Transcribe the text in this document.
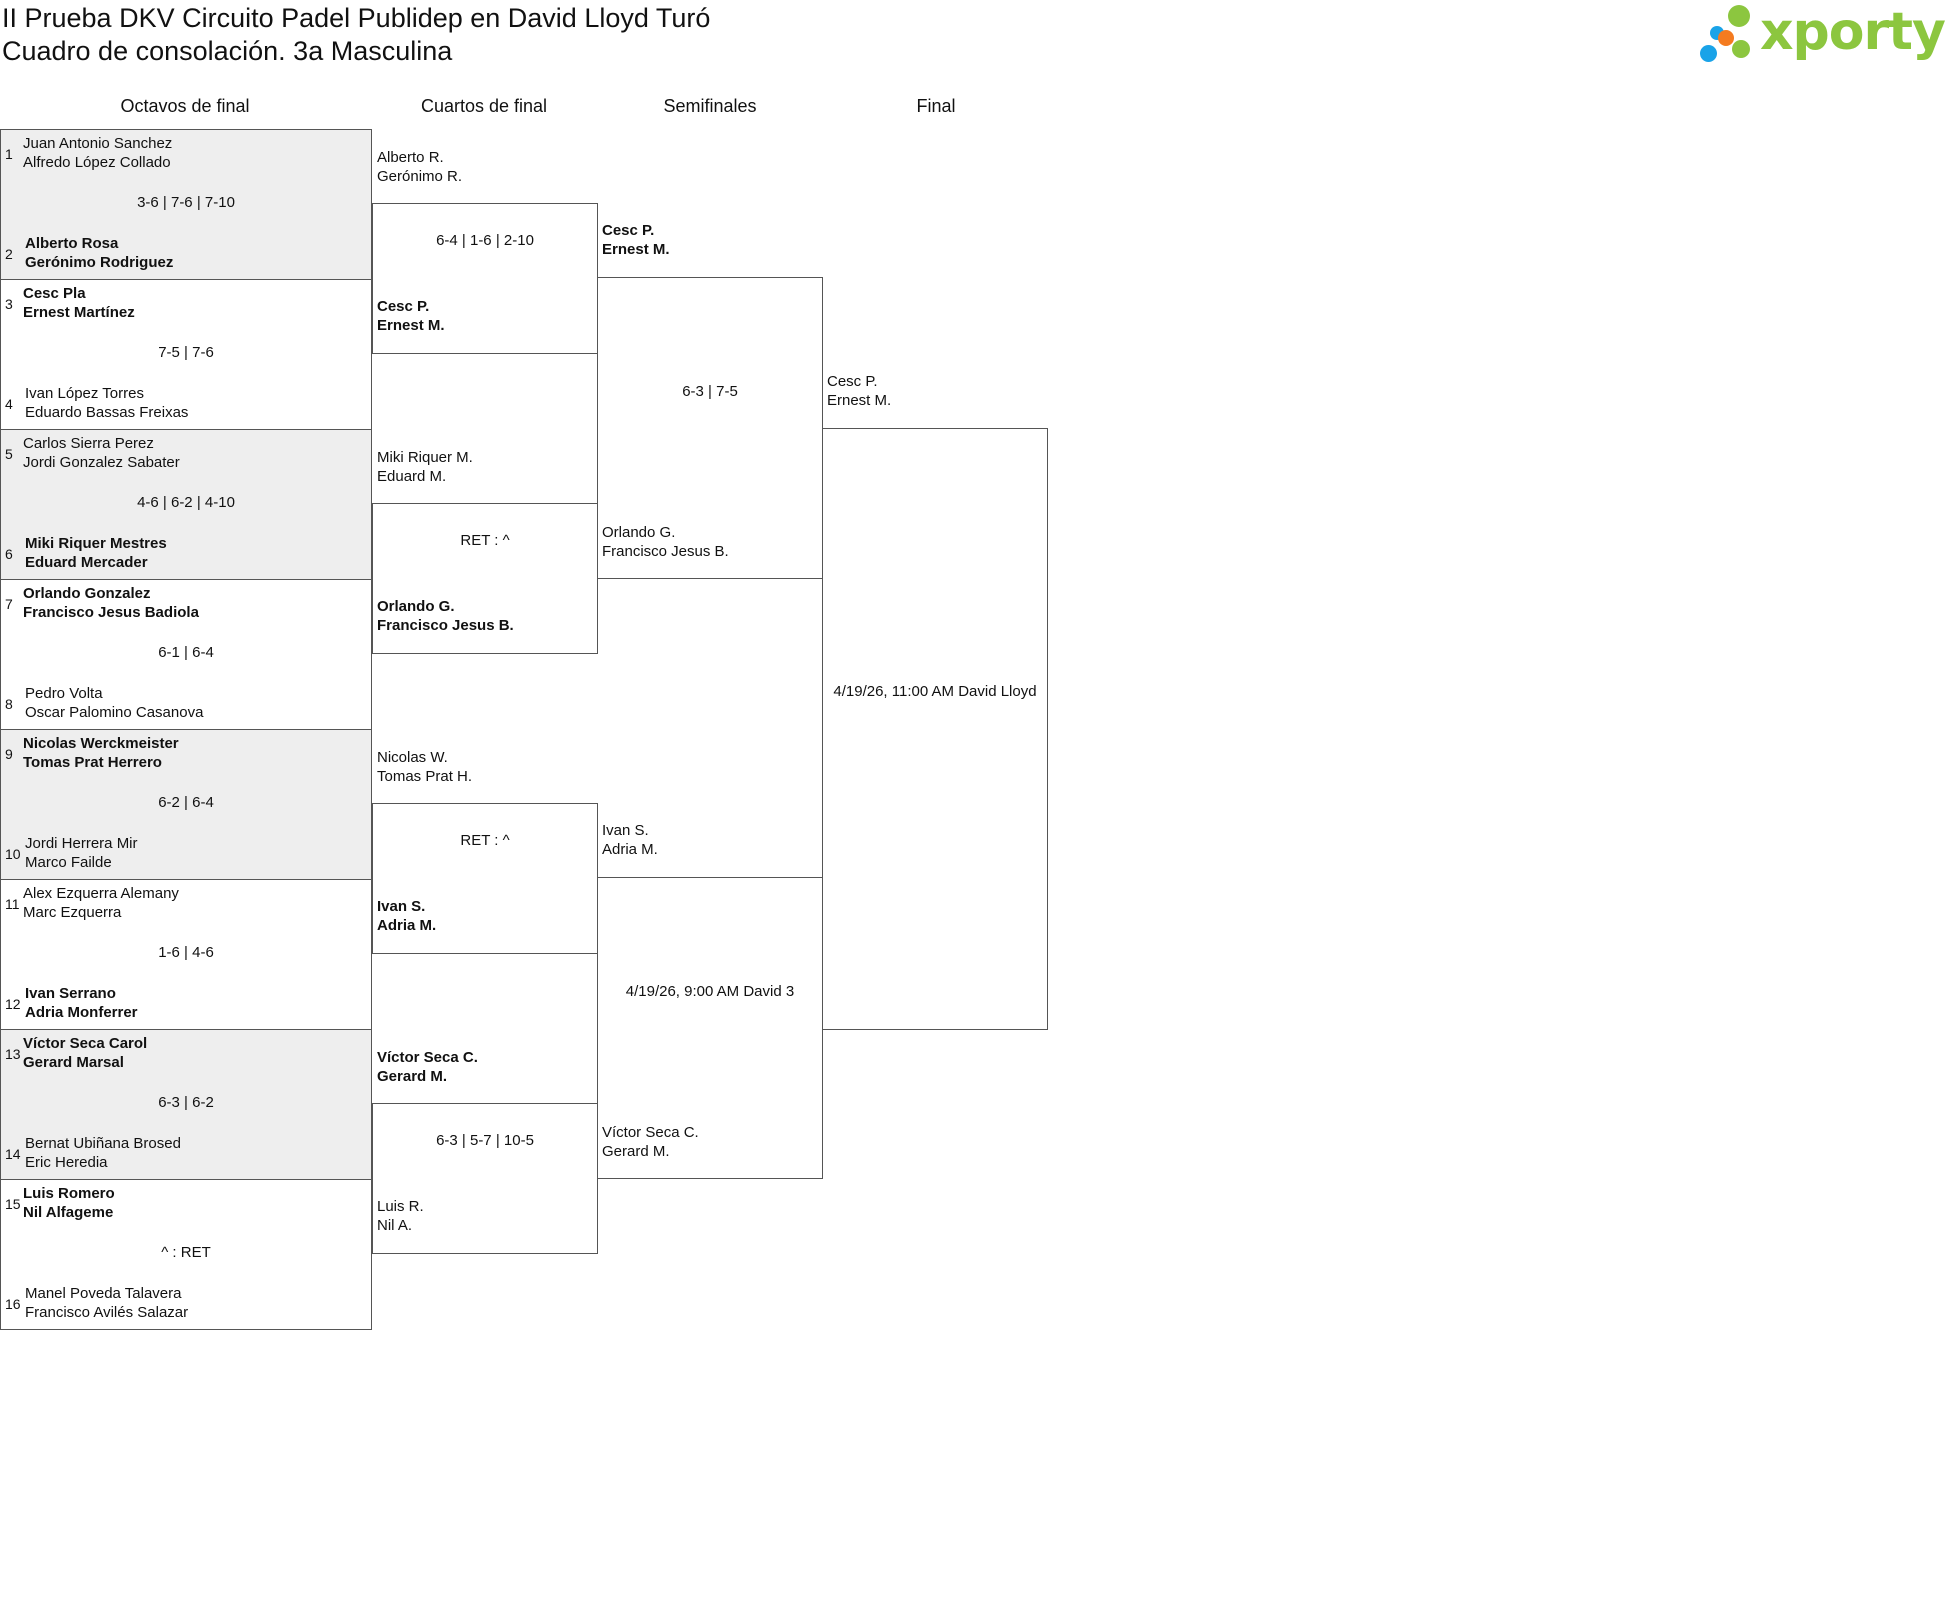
II Prueba DKV Circuito Padel Publidep en David Lloyd Turó
Cuadro de consolación. 3a Masculina	xporty
Octavos de final	Cuartos de final	Semifinales	Final
1
Juan Antonio Sanchez
Alfredo López Collado
3-6 | 7-6 | 7-10
2
Alberto Rosa
Gerónimo Rodriguez
3
Cesc Pla
Ernest Martínez
7-5 | 7-6
4
Ivan López Torres
Eduardo Bassas Freixas
5
Carlos Sierra Perez
Jordi Gonzalez Sabater
4-6 | 6-2 | 4-10
6
Miki Riquer Mestres
Eduard Mercader
7
Orlando Gonzalez
Francisco Jesus Badiola
6-1 | 6-4
8
Pedro Volta
Oscar Palomino Casanova
9
Nicolas Werckmeister
Tomas Prat Herrero
6-2 | 6-4
10
Jordi Herrera Mir
Marco Failde
11
Alex Ezquerra Alemany
Marc Ezquerra
1-6 | 4-6
12
Ivan Serrano
Adria Monferrer
13
Víctor Seca Carol
Gerard Marsal
6-3 | 6-2
14
Bernat Ubiñana Brosed
Eric Heredia
15
Luis Romero
Nil Alfageme
^ : RET
16
Manel Poveda Talavera
Francisco Avilés Salazar
Alberto R.
Gerónimo R.
6-4 | 1-6 | 2-10
Cesc P.
Ernest M.
Miki Riquer M.
Eduard M.
RET : ^
Orlando G.
Francisco Jesus B.
Nicolas W.
Tomas Prat H.
RET : ^
Ivan S.
Adria M.
Víctor Seca C.
Gerard M.
6-3 | 5-7 | 10-5
Luis R.
Nil A.
Cesc P.
Ernest M.
6-3 | 7-5
Orlando G.
Francisco Jesus B.
Ivan S.
Adria M.
4/19/26, 9:00 AM David 3
Víctor Seca C.
Gerard M.
Cesc P.
Ernest M.
4/19/26, 11:00 AM David Lloyd
